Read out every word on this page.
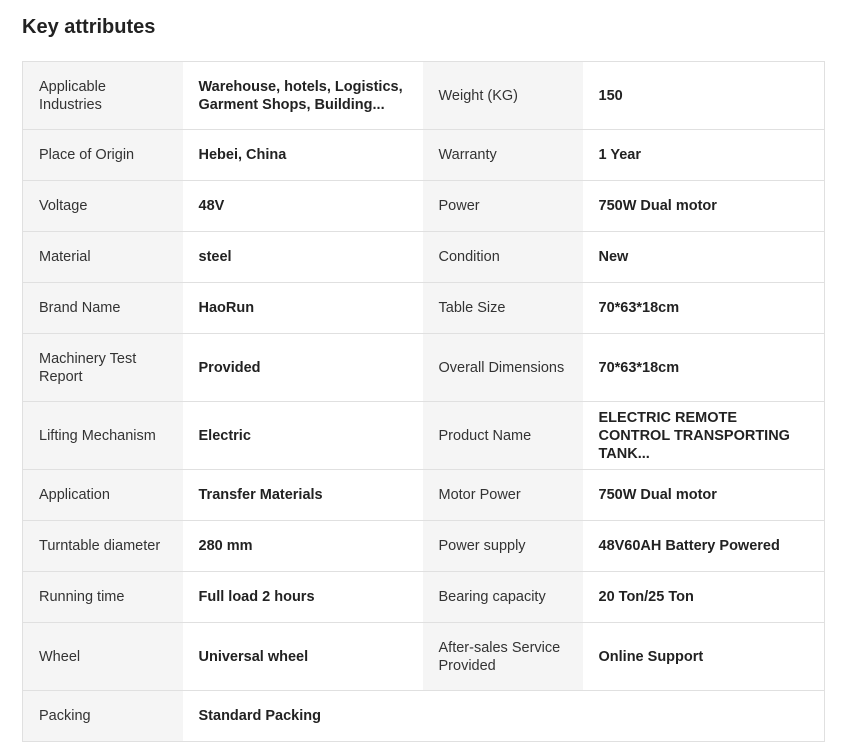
Key attributes
Applicable Industries	Warehouse, hotels, Logistics, Garment Shops, Building...	Weight (KG)	150
Place of Origin	Hebei, China	Warranty	1 Year
Voltage	48V	Power	750W Dual motor
Material	steel	Condition	New
Brand Name	HaoRun	Table Size	70*63*18cm
Machinery Test Report	Provided	Overall Dimensions	70*63*18cm
Lifting Mechanism	Electric	Product Name	ELECTRIC REMOTE CONTROL TRANSPORTING TANK...
Application	Transfer Materials	Motor Power	750W Dual motor
Turntable diameter	280 mm	Power supply	48V60AH Battery Powered
Running time	Full load 2 hours	Bearing capacity	20 Ton/25 Ton
Wheel	Universal wheel	After-sales Service Provided	Online Support
Packing	Standard Packing		
